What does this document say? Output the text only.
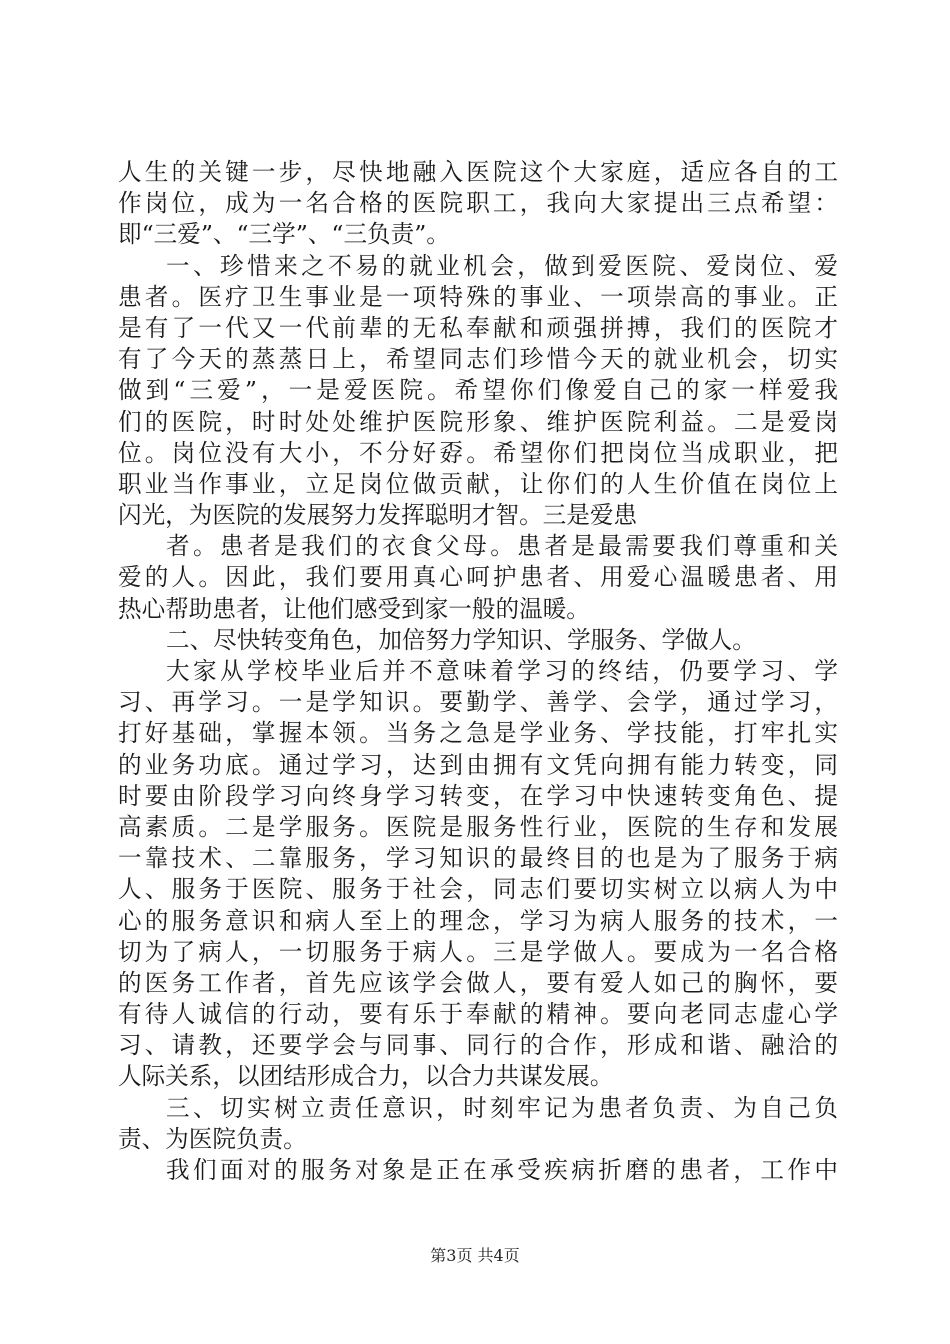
人生的关键一步，尽快地融入医院这个大家庭，适应各自的工
作岗位，成为一名合格的医院职工，我向大家提出三点希望：
即“三爱”、“三学”、“三负责”。
一、珍惜来之不易的就业机会，做到爱医院、爱岗位、爱
患者。医疗卫生事业是一项特殊的事业、一项崇高的事业。正
是有了一代又一代前辈的无私奉献和顽强拼搏，我们的医院才
有了今天的蒸蒸日上，希望同志们珍惜今天的就业机会，切实
做到“三爱”，一是爱医院。希望你们像爱自己的家一样爱我
们的医院，时时处处维护医院形象、维护医院利益。二是爱岗
位。岗位没有大小，不分好孬。希望你们把岗位当成职业，把
职业当作事业，立足岗位做贡献，让你们的人生价值在岗位上
闪光，为医院的发展努力发挥聪明才智。三是爱患
者。患者是我们的衣食父母。患者是最需要我们尊重和关
爱的人。因此，我们要用真心呵护患者、用爱心温暖患者、用
热心帮助患者，让他们感受到家一般的温暖。
二、尽快转变角色，加倍努力学知识、学服务、学做人。
大家从学校毕业后并不意味着学习的终结，仍要学习、学
习、再学习。一是学知识。要勤学、善学、会学，通过学习，
打好基础，掌握本领。当务之急是学业务、学技能，打牢扎实
的业务功底。通过学习，达到由拥有文凭向拥有能力转变，同
时要由阶段学习向终身学习转变，在学习中快速转变角色、提
高素质。二是学服务。医院是服务性行业，医院的生存和发展
一靠技术、二靠服务，学习知识的最终目的也是为了服务于病
人、服务于医院、服务于社会，同志们要切实树立以病人为中
心的服务意识和病人至上的理念，学习为病人服务的技术，一
切为了病人，一切服务于病人。三是学做人。要成为一名合格
的医务工作者，首先应该学会做人，要有爱人如己的胸怀，要
有待人诚信的行动，要有乐于奉献的精神。要向老同志虚心学
习、请教，还要学会与同事、同行的合作，形成和谐、融洽的
人际关系，以团结形成合力，以合力共谋发展。
三、切实树立责任意识，时刻牢记为患者负责、为自己负
责、为医院负责。
我们面对的服务对象是正在承受疾病折磨的患者，工作中
第3页 共4页
